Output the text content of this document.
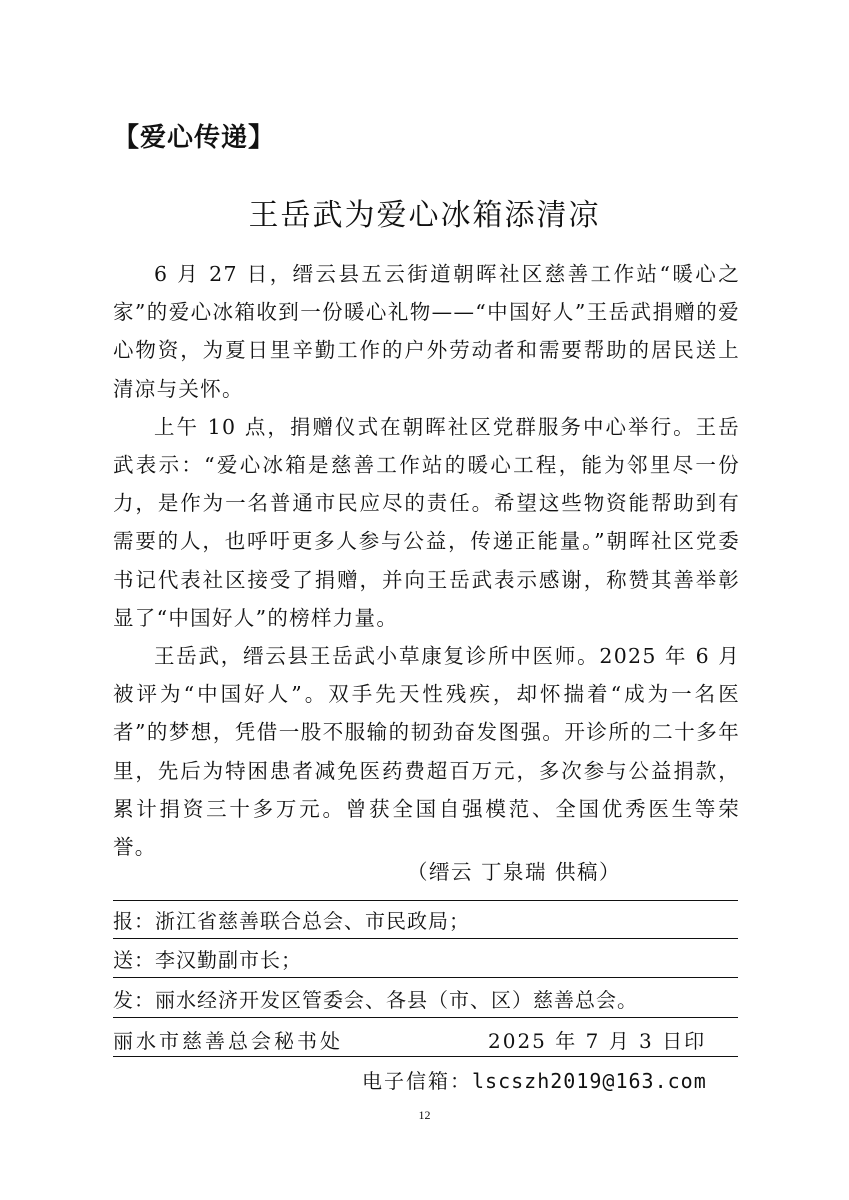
【爱心传递】
王岳武为爱心冰箱添清凉

6 月 27 日，缙云县五云街道朝晖社区慈善工作站“暖心之家”的爱心冰箱收到一份暖心礼物——“中国好人”王岳武捐赠的爱心物资，为夏日里辛勤工作的户外劳动者和需要帮助的居民送上清凉与关怀。

上午 10 点，捐赠仪式在朝晖社区党群服务中心举行。王岳武表示：“爱心冰箱是慈善工作站的暖心工程，能为邻里尽一份力，是作为一名普通市民应尽的责任。希望这些物资能帮助到有需要的人，也呼吁更多人参与公益，传递正能量。”朝晖社区党委书记代表社区接受了捐赠，并向王岳武表示感谢，称赞其善举彰显了“中国好人”的榜样力量。

王岳武，缙云县王岳武小草康复诊所中医师。2025 年 6 月被评为“中国好人”。双手先天性残疾，却怀揣着“成为一名医者”的梦想，凭借一股不服输的韧劲奋发图强。开诊所的二十多年里，先后为特困患者减免医药费超百万元，多次参与公益捐款，累计捐资三十多万元。曾获全国自强模范、全国优秀医生等荣誉。

（缙云 丁泉瑞 供稿）
报：浙江省慈善联合总会、市民政局；
送：李汉勤副市长；
发：丽水经济开发区管委会、各县（市、区）慈善总会。
丽水市慈善总会秘书处	2025 年 7 月 3 日印
电子信箱：lscszh2019@163.com
12
